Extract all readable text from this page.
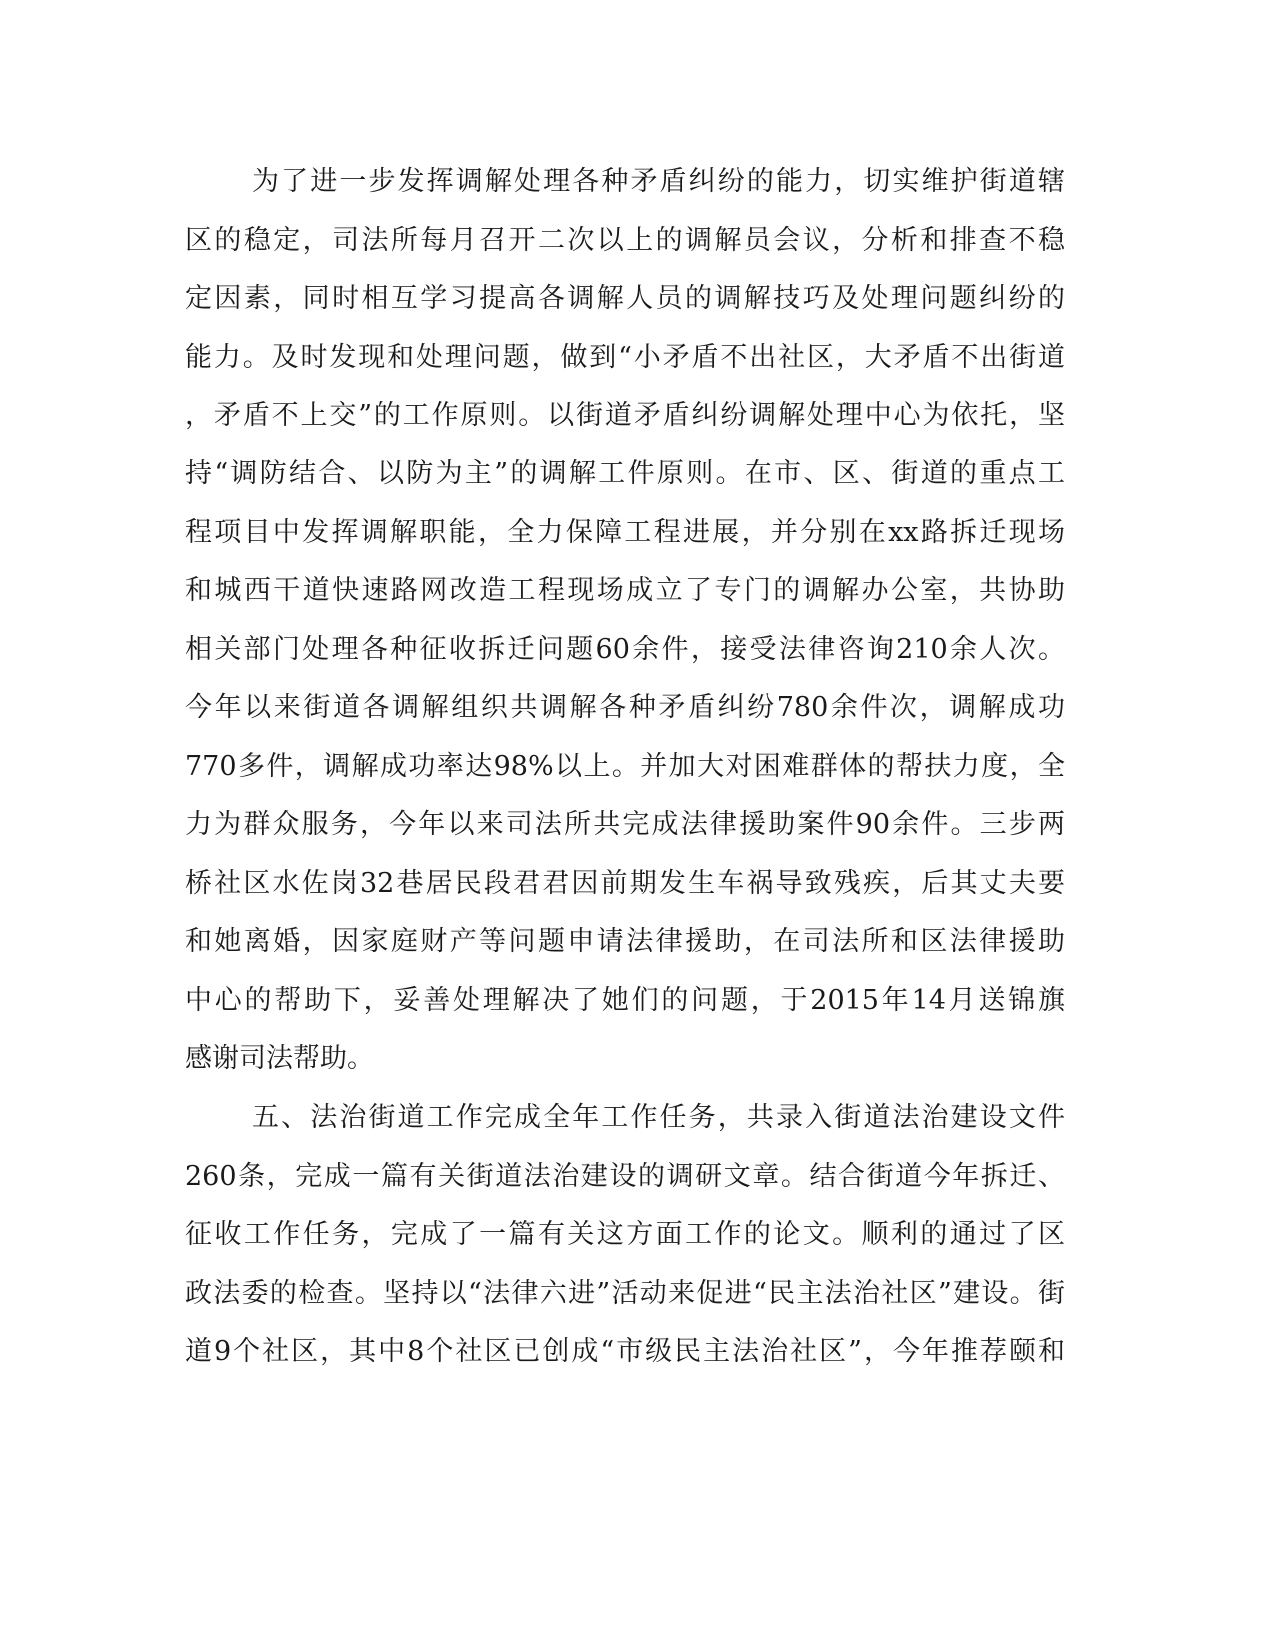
为了进一步发挥调解处理各种矛盾纠纷的能力，切实维护街道辖
区的稳定，司法所每月召开二次以上的调解员会议，分析和排查不稳
定因素，同时相互学习提高各调解人员的调解技巧及处理问题纠纷的
能力。及时发现和处理问题，做到“小矛盾不出社区，大矛盾不出街道
，矛盾不上交”的工作原则。以街道矛盾纠纷调解处理中心为依托，坚
持“调防结合、以防为主”的调解工件原则。在市、区、街道的重点工
程项目中发挥调解职能，全力保障工程进展，并分别在xx路拆迁现场
和城西干道快速路网改造工程现场成立了专门的调解办公室，共协助
相关部门处理各种征收拆迁问题60余件，接受法律咨询210余人次。
今年以来街道各调解组织共调解各种矛盾纠纷780余件次，调解成功
770多件，调解成功率达98%以上。并加大对困难群体的帮扶力度，全
力为群众服务，今年以来司法所共完成法律援助案件90余件。三步两
桥社区水佐岗32巷居民段君君因前期发生车祸导致残疾，后其丈夫要
和她离婚，因家庭财产等问题申请法律援助，在司法所和区法律援助
中心的帮助下，妥善处理解决了她们的问题，于2015年14月送锦旗
感谢司法帮助。
五、法治街道工作完成全年工作任务，共录入街道法治建设文件
260条，完成一篇有关街道法治建设的调研文章。结合街道今年拆迁、
征收工作任务，完成了一篇有关这方面工作的论文。顺利的通过了区
政法委的检查。坚持以“法律六进”活动来促进“民主法治社区”建设。街
道9个社区，其中8个社区已创成“市级民主法治社区”，今年推荐颐和
